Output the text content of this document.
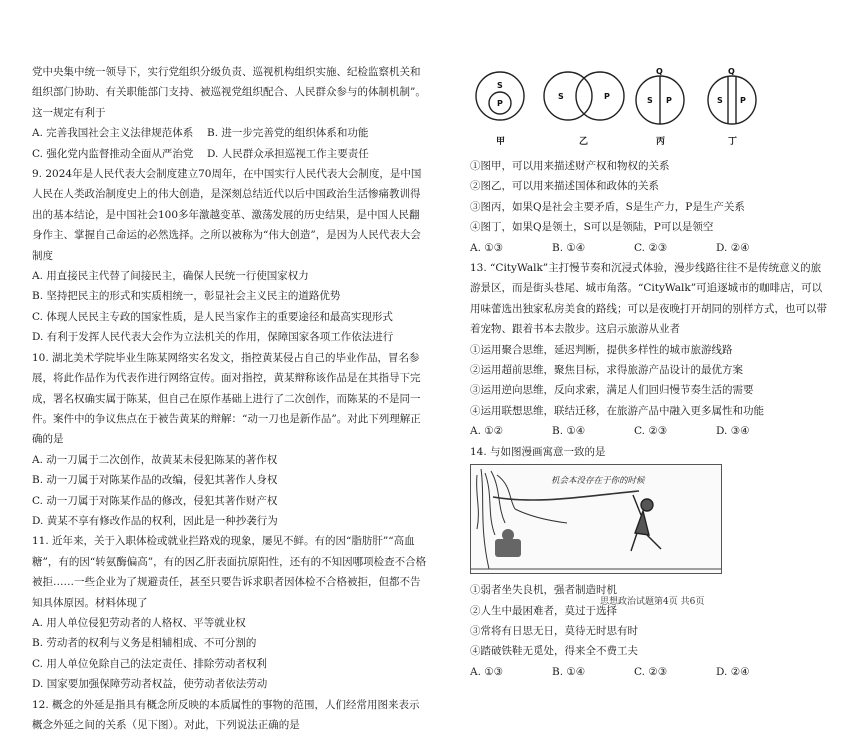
党中央集中统一领导下，实行党组织分级负责、巡视机构组织实施、纪检监察机关和组织部门协助、有关职能部门支持、被巡视党组织配合、人民群众参与的体制机制”。这一规定有利于

A. 完善我国社会主义法律规范体系	B. 进一步完善党的组织体系和功能
C. 强化党内监督推动全面从严治党	D. 人民群众承担巡视工作主要责任

9. 2024年是人民代表大会制度建立70周年，在中国实行人民代表大会制度，是中国人民在人类政治制度史上的伟大创造，是深刻总结近代以后中国政治生活惨痛教训得出的基本结论，是中国社会100多年激越变革、激荡发展的历史结果，是中国人民翻身作主、掌握自己命运的必然选择。之所以被称为“伟大创造”，是因为人民代表大会制度

A. 用直接民主代替了间接民主，确保人民统一行使国家权力

B. 坚持把民主的形式和实质相统一，彰显社会主义民主的道路优势

C. 体现人民民主专政的国家性质，是人民当家作主的重要途径和最高实现形式

D. 有利于发挥人民代表大会作为立法机关的作用，保障国家各项工作依法进行

10. 湖北美术学院毕业生陈某网络实名发文，指控黄某侵占自己的毕业作品，冒名参展，将此作品作为代表作进行网络宣传。面对指控，黄某辩称该作品是在其指导下完成，署名权确实属于陈某，但自己在原作基础上进行了二次创作，而陈某的不是同一件。案件中的争议焦点在于被告黄某的辩解：“动一刀也是新作品”。对此下列理解正确的是

A. 动一刀属于二次创作，故黄某未侵犯陈某的著作权

B. 动一刀属于对陈某作品的改编，侵犯其著作人身权

C. 动一刀属于对陈某作品的修改，侵犯其著作财产权

D. 黄某不享有修改作品的权利，因此是一种抄袭行为

11. 近年来，关于入职体检或就业拦路戏的现象，屡见不鲜。有的因“脂肪肝”“高血糖”，有的因“转氨酶偏高”，有的因乙肝表面抗原阳性，还有的不知因哪项检查不合格被拒……一些企业为了规避责任，甚至只要告诉求职者因体检不合格被拒，但都不告知具体原因。材料体现了

A. 用人单位侵犯劳动者的人格权、平等就业权

B. 劳动者的权利与义务是相辅相成、不可分割的

C. 用人单位免除自己的法定责任、排除劳动者权利

D. 国家要加强保障劳动者权益，使劳动者依法劳动

12. 概念的外延是指具有概念所反映的本质属性的事物的范围，人们经常用图来表示概念外延之间的关系（见下图）。对此，下列说法正确的是

S
P
S	P
Q
S P
Q
S P
甲	乙	丙	丁

①图甲，可以用来描述财产权和物权的关系

②图乙，可以用来描述国体和政体的关系

③图丙，如果Q是社会主要矛盾，S是生产力，P是生产关系

④图丁，如果Q是领土，S可以是领陆，P可以是领空

A. ①③	B. ①④	C. ②③	D. ②④

13. “CityWalk”主打慢节奏和沉浸式体验，漫步线路往往不是传统意义的旅游景区，而是街头巷尾、城市角落。“CityWalk”可追逐城市的咖啡店，可以用味蕾选出独家私房美食的路线；可以是夜晚打开胡同的别样方式，也可以带着宠物、跟着书本去散步。这启示旅游从业者

①运用聚合思维，延迟判断，提供多样性的城市旅游线路

②运用超前思维，聚焦目标，求得旅游产品设计的最优方案

③运用逆向思维，反向求索，满足人们回归慢节奏生活的需要

④运用联想思维，联结迁移，在旅游产品中融入更多属性和功能

A. ①②	B. ①④	C. ②③	D. ③④

14. 与如图漫画寓意一致的是

机会本没存在于你的时候

①弱者坐失良机，强者制造时机

②人生中最困难者，莫过于选择

③常将有日思无日，莫待无时思有时

④踏破铁鞋无觅处，得来全不费工夫

A. ①③	B. ①④	C. ②③	D. ②④
思想政治试题第4页 共6页
